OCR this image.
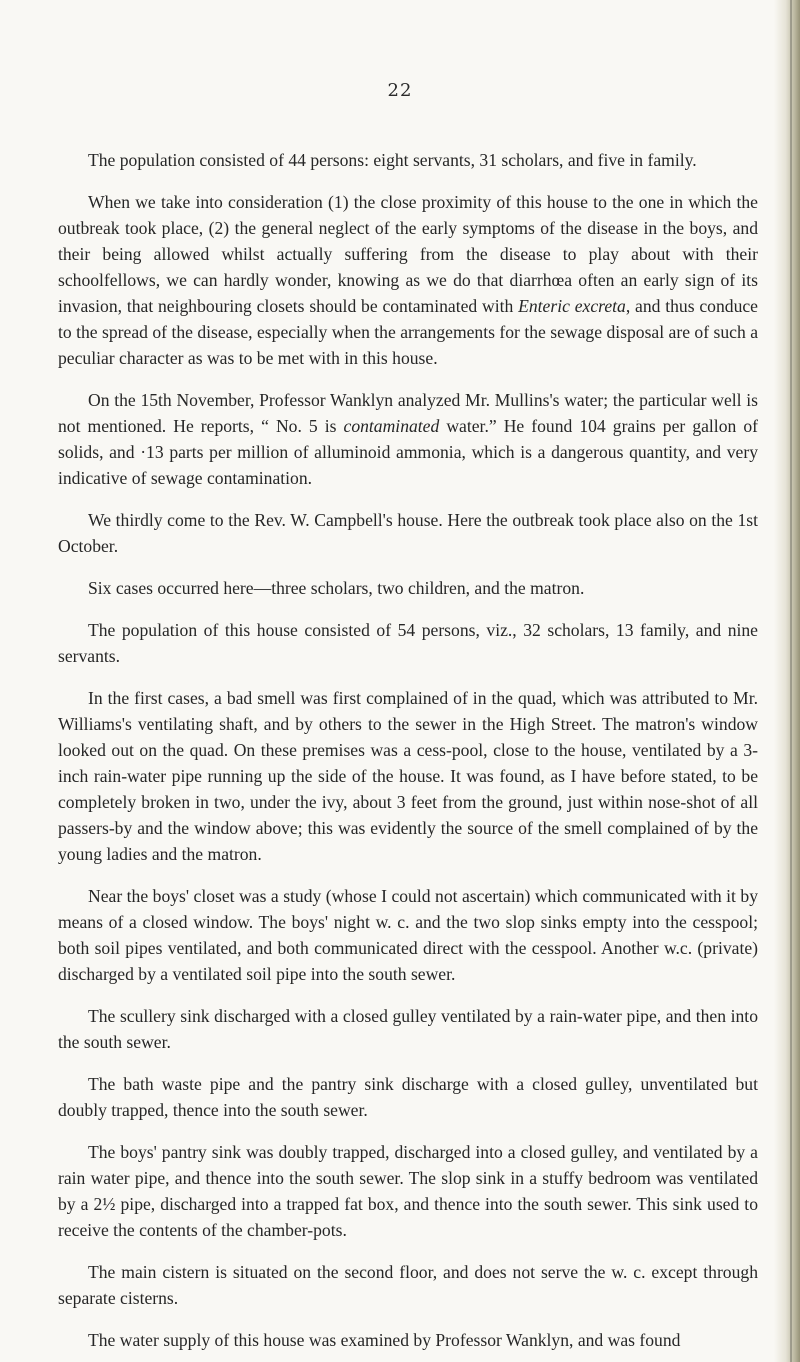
22

The population consisted of 44 persons: eight servants, 31 scholars, and five in family.

When we take into consideration (1) the close proximity of this house to the one in which the outbreak took place, (2) the general neglect of the early symptoms of the disease in the boys, and their being allowed whilst actually suffering from the disease to play about with their schoolfellows, we can hardly wonder, knowing as we do that diarrhœa often an early sign of its invasion, that neighbouring closets should be contaminated with Enteric excreta, and thus conduce to the spread of the disease, especially when the arrangements for the sewage disposal are of such a peculiar character as was to be met with in this house.

On the 15th November, Professor Wanklyn analyzed Mr. Mullins's water; the particular well is not mentioned. He reports, “ No. 5 is contaminated water.” He found 104 grains per gallon of solids, and ·13 parts per million of alluminoid ammonia, which is a dangerous quantity, and very indicative of sewage contamination.

We thirdly come to the Rev. W. Campbell's house. Here the outbreak took place also on the 1st October.

Six cases occurred here—three scholars, two children, and the matron.

The population of this house consisted of 54 persons, viz., 32 scholars, 13 family, and nine servants.

In the first cases, a bad smell was first complained of in the quad, which was attributed to Mr. Williams's ventilating shaft, and by others to the sewer in the High Street. The matron's window looked out on the quad. On these premises was a cess-pool, close to the house, ventilated by a 3-inch rain-water pipe running up the side of the house. It was found, as I have before stated, to be completely broken in two, under the ivy, about 3 feet from the ground, just within nose-shot of all passers-by and the window above; this was evidently the source of the smell complained of by the young ladies and the matron.

Near the boys' closet was a study (whose I could not ascertain) which communicated with it by means of a closed window. The boys' night w. c. and the two slop sinks empty into the cesspool; both soil pipes ventilated, and both communicated direct with the cesspool. Another w.c. (private) discharged by a ventilated soil pipe into the south sewer.

The scullery sink discharged with a closed gulley ventilated by a rain-water pipe, and then into the south sewer.

The bath waste pipe and the pantry sink discharge with a closed gulley, unventilated but doubly trapped, thence into the south sewer.

The boys' pantry sink was doubly trapped, discharged into a closed gulley, and ventilated by a rain water pipe, and thence into the south sewer. The slop sink in a stuffy bedroom was ventilated by a 2½ pipe, discharged into a trapped fat box, and thence into the south sewer. This sink used to receive the contents of the chamber-pots.

The main cistern is situated on the second floor, and does not serve the w. c. except through separate cisterns.

The water supply of this house was examined by Professor Wanklyn, and was found
